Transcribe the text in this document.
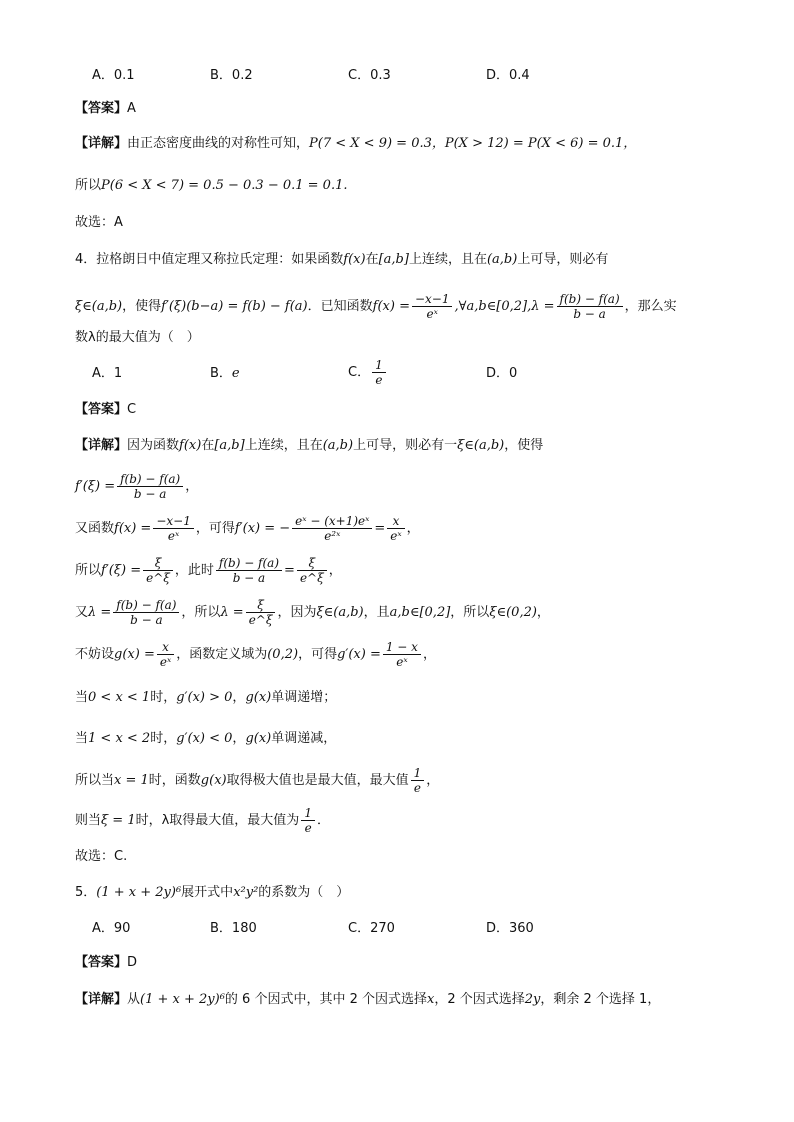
A．0.1	B．0.2	C．0.3	D．0.4
【答案】A
【详解】由正态密度曲线的对称性可知，P(7 < X < 9) = 0.3，P(X > 12) = P(X < 6) = 0.1，
所以P(6 < X < 7) = 0.5 − 0.3 − 0.1 = 0.1.
故选：A
4．拉格朗日中值定理又称拉氏定理：如果函数f(x)在[a,b]上连续，且在(a,b)上可导，则必有
ξ∈(a,b)，使得f′(ξ)(b−a) = f(b) − f(a)．已知函数$f(x) = \frac{-x-1}{\text{eˣ}}$ ,∀a,b∈[0,2],λ = $\frac{f(b) - f(a)}{b - a}$ ，那么实
数λ的最大值为（　）
A．1	B．e	C． $\frac{1}{e}$	D．0
【答案】C
【详解】因为函数f(x)在[a,b]上连续，且在(a,b)上可导，则必有一ξ∈(a,b)，使得
$f'(\xi) = \frac{f(b) - f(a)}{b - a}$ ，
又函数$f(x) = \frac{-x-1}{\text{eˣ}}$ ，可得f′(x) = − $\frac{\text{eˣ − (x+1)eˣ}}{\text{e²ˣ}} = \frac{x}{\text{eˣ}}$ ，
所以$f'(\xi) = \frac{\xi}{e\^{}\xi}$ ，此时 $\frac{f(b) - f(a)}{b - a} = \frac{\xi}{e\^{}\xi}$ ，
又$\lambda = \frac{f(b) - f(a)}{b - a}$ ，所以$\lambda = \frac{\xi}{e\^{}\xi}$ ，因为ξ∈(a,b)，且a,b∈[0,2]，所以ξ∈(0,2)，
不妨设$g(x) = \frac{x}{\text{eˣ}}$ ，函数定义域为(0,2)，可得$g'(x) = \frac{1 - x}{\text{eˣ}}$ ，
当0 < x < 1时，g′(x) > 0，g(x)单调递增；
当1 < x < 2时，g′(x) < 0，g(x)单调递减，
所以当x = 1时，函数g(x)取得极大值也是最大值，最大值 $\frac{1}{e}$ ，
则当ξ = 1时，λ取得最大值，最大值为 $\frac{1}{e}$ ．
故选：C.
5．(1 + x + 2y)⁶展开式中x²y²的系数为（　）
A．90	B．180	C．270	D．360
【答案】D
【详解】从(1 + x + 2y)⁶的 6 个因式中，其中 2 个因式选择x，2 个因式选择2y，剩余 2 个选择 1，
